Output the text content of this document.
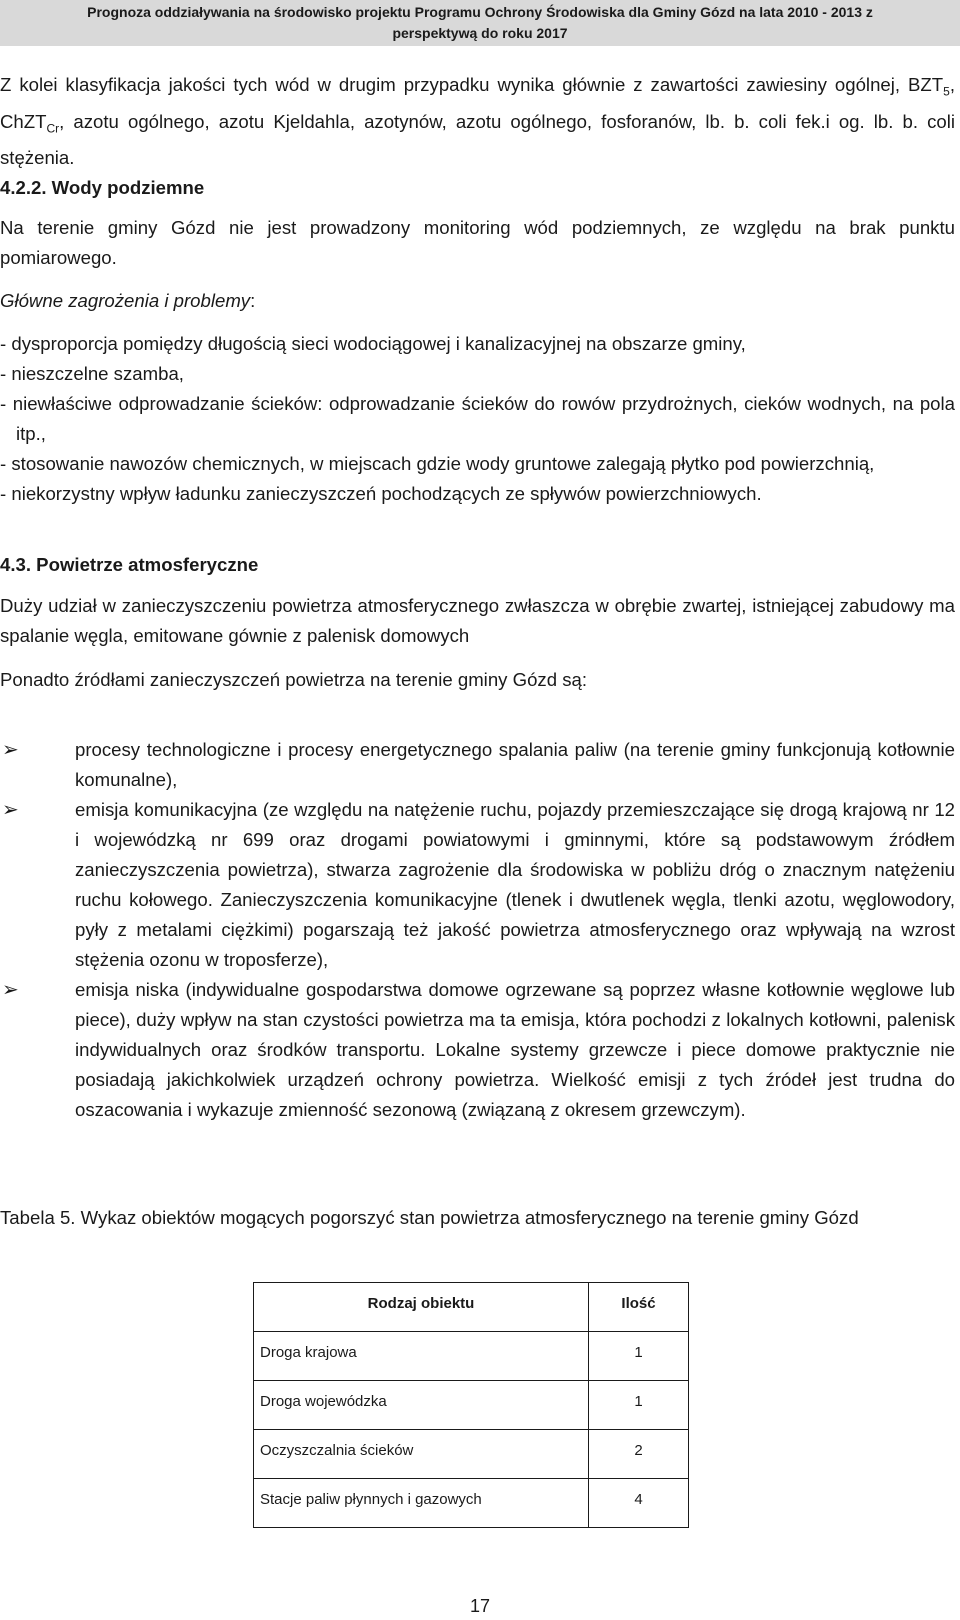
Prognoza oddziaływania na środowisko projektu Programu Ochrony Środowiska dla Gminy Gózd na lata 2010 - 2013 z
perspektywą do roku 2017

Z kolei klasyfikacja jakości tych wód w drugim przypadku wynika głównie z zawartości zawiesiny ogólnej, $BZT_5$, ChZT$_{Cr}$, azotu ogólnego, azotu Kjeldahla, azotynów, azotu ogólnego, fosforanów, lb. b. coli fek.i og. lb. b. coli stężenia.

4.2.2. Wody podziemne

Na terenie gminy Gózd nie jest prowadzony monitoring wód podziemnych, ze względu na brak punktu pomiarowego.

Główne zagrożenia i problemy:

- dysproporcja pomiędzy długością sieci wodociągowej i kanalizacyjnej na obszarze gminy,

- nieszczelne szamba,

- niewłaściwe odprowadzanie ścieków: odprowadzanie ścieków do rowów przydrożnych, cieków wodnych, na pola itp.,

- stosowanie nawozów chemicznych, w miejscach gdzie wody gruntowe zalegają płytko pod powierzchnią,

- niekorzystny wpływ ładunku zanieczyszczeń pochodzących ze spływów powierzchniowych.

4.3. Powietrze atmosferyczne

Duży udział w zanieczyszczeniu powietrza atmosferycznego zwłaszcza w obrębie zwartej, istniejącej zabudowy ma spalanie węgla, emitowane gównie z palenisk domowych

Ponadto źródłami zanieczyszczeń powietrza na terenie gminy Gózd są:

➢	procesy technologiczne i procesy energetycznego spalania paliw (na terenie gminy funkcjonują kotłownie komunalne),
➢	emisja komunikacyjna (ze względu na natężenie ruchu, pojazdy przemieszczające się drogą krajową nr 12 i wojewódzką nr 699 oraz drogami powiatowymi i gminnymi, które są podstawowym źródłem zanieczyszczenia powietrza), stwarza zagrożenie dla środowiska w pobliżu dróg o znacznym natężeniu ruchu kołowego. Zanieczyszczenia komunikacyjne (tlenek i dwutlenek węgla, tlenki azotu, węglowodory, pyły z metalami ciężkimi) pogarszają też jakość powietrza atmosferycznego oraz wpływają na wzrost stężenia ozonu w troposferze),
➢	emisja niska (indywidualne gospodarstwa domowe ogrzewane są poprzez własne kotłownie węglowe lub piece), duży wpływ na stan czystości powietrza ma ta emisja, która pochodzi z lokalnych kotłowni, palenisk indywidualnych oraz środków transportu. Lokalne systemy grzewcze i piece domowe praktycznie nie posiadają jakichkolwiek urządzeń ochrony powietrza. Wielkość emisji z tych źródeł jest trudna do oszacowania i wykazuje zmienność sezonową (związaną z okresem grzewczym).

Tabela 5. Wykaz obiektów mogących pogorszyć stan powietrza atmosferycznego na terenie gminy Gózd

Rodzaj obiektu	Ilość
Droga krajowa	1
Droga wojewódzka	1
Oczyszczalnia ścieków	2
Stacje paliw płynnych i gazowych	4
17
